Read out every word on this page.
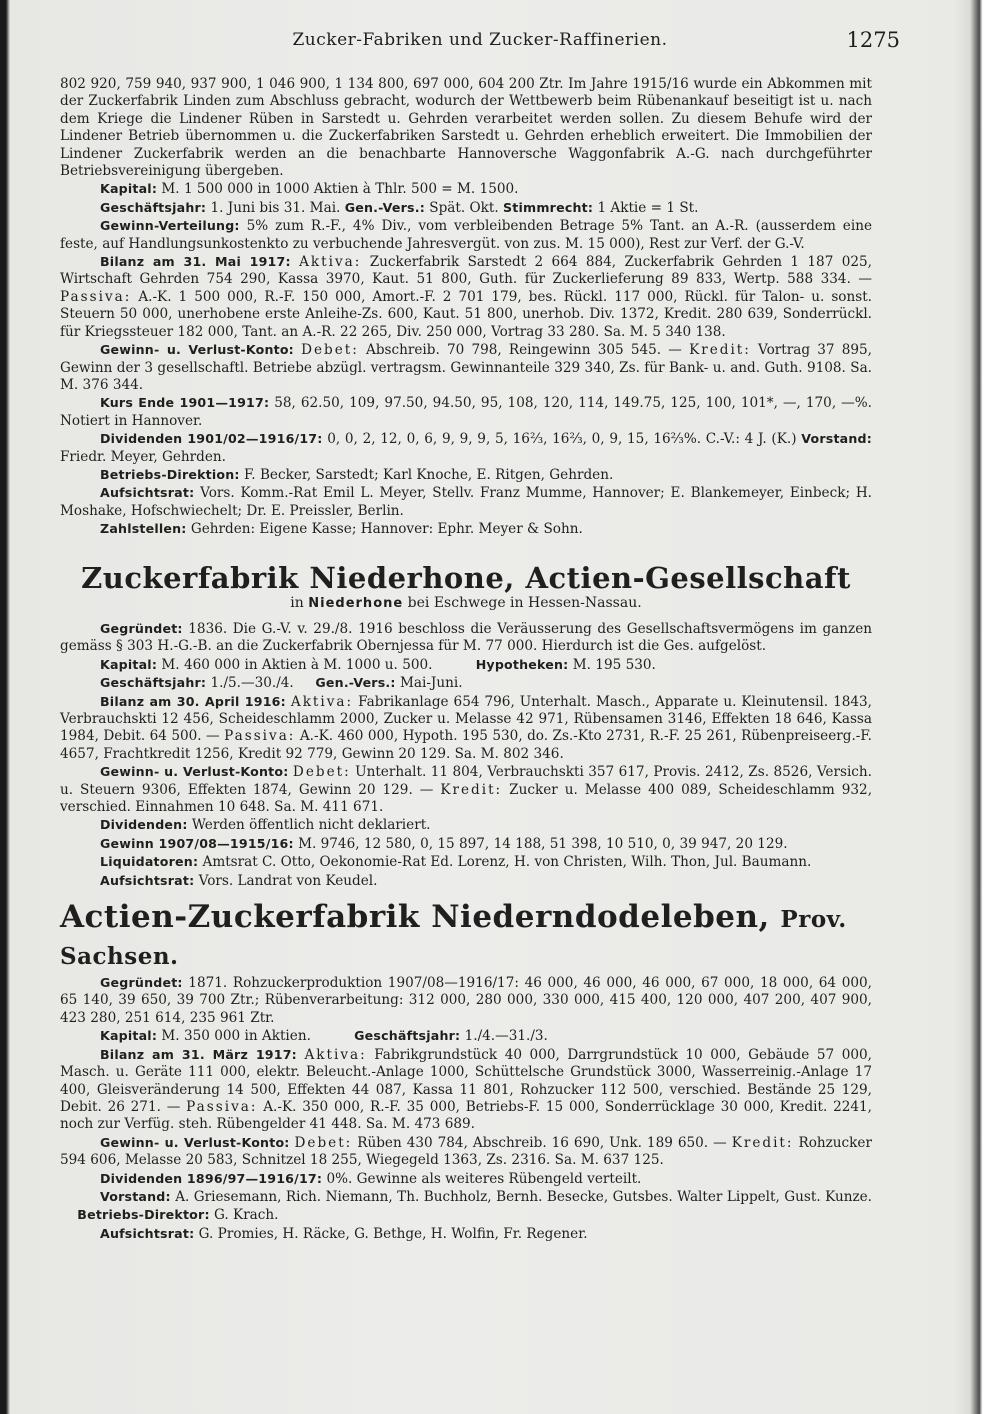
Zucker-Fabriken und Zucker-Raffinerien.	1275

802 920, 759 940, 937 900, 1 046 900, 1 134 800, 697 000, 604 200 Ztr. Im Jahre 1915/16 wurde ein Abkommen mit der Zuckerfabrik Linden zum Abschluss gebracht, wodurch der Wettbewerb beim Rübenankauf beseitigt ist u. nach dem Kriege die Lindener Rüben in Sarstedt u. Gehrden verarbeitet werden sollen. Zu diesem Behufe wird der Lindener Betrieb übernommen u. die Zuckerfabriken Sarstedt u. Gehrden erheblich erweitert. Die Immobilien der Lindener Zuckerfabrik werden an die benachbarte Hannoversche Waggonfabrik A.-G. nach durchgeführter Betriebsvereinigung übergeben.

Kapital: M. 1 500 000 in 1000 Aktien à Thlr. 500 = M. 1500.

Geschäftsjahr: 1. Juni bis 31. Mai. Gen.-Vers.: Spät. Okt. Stimmrecht: 1 Aktie = 1 St.

Gewinn-Verteilung: 5% zum R.-F., 4% Div., vom verbleibenden Betrage 5% Tant. an A.-R. (ausserdem eine feste, auf Handlungsunkostenkto zu verbuchende Jahresvergüt. von zus. M. 15 000), Rest zur Verf. der G.-V.

Bilanz am 31. Mai 1917: Aktiva: Zuckerfabrik Sarstedt 2 664 884, Zuckerfabrik Gehrden 1 187 025, Wirtschaft Gehrden 754 290, Kassa 3970, Kaut. 51 800, Guth. für Zuckerlieferung 89 833, Wertp. 588 334. — Passiva: A.-K. 1 500 000, R.-F. 150 000, Amort.-F. 2 701 179, bes. Rückl. 117 000, Rückl. für Talon- u. sonst. Steuern 50 000, unerhobene erste Anleihe-Zs. 600, Kaut. 51 800, unerhob. Div. 1372, Kredit. 280 639, Sonderrückl. für Kriegssteuer 182 000, Tant. an A.-R. 22 265, Div. 250 000, Vortrag 33 280. Sa. M. 5 340 138.

Gewinn- u. Verlust-Konto: Debet: Abschreib. 70 798, Reingewinn 305 545. — Kredit: Vortrag 37 895, Gewinn der 3 gesellschaftl. Betriebe abzügl. vertragsm. Gewinnanteile 329 340, Zs. für Bank- u. and. Guth. 9108. Sa. M. 376 344.

Kurs Ende 1901—1917: 58, 62.50, 109, 97.50, 94.50, 95, 108, 120, 114, 149.75, 125, 100, 101*, —, 170, —%. Notiert in Hannover.

Dividenden 1901/02—1916/17: 0, 0, 2, 12, 0, 6, 9, 9, 9, 5, 16⅔, 16⅔, 0, 9, 15, 16⅔%. C.-V.: 4 J. (K.) Vorstand: Friedr. Meyer, Gehrden.

Betriebs-Direktion: F. Becker, Sarstedt; Karl Knoche, E. Ritgen, Gehrden.

Aufsichtsrat: Vors. Komm.-Rat Emil L. Meyer, Stellv. Franz Mumme, Hannover; E. Blankemeyer, Einbeck; H. Moshake, Hofschwiechelt; Dr. E. Preissler, Berlin.

Zahlstellen: Gehrden: Eigene Kasse; Hannover: Ephr. Meyer & Sohn.

Zuckerfabrik Niederhone, Actien-Gesellschaft

in Niederhone bei Eschwege in Hessen-Nassau.

Gegründet: 1836. Die G.-V. v. 29./8. 1916 beschloss die Veräusserung des Gesellschaftsvermögens im ganzen gemäss § 303 H.-G.-B. an die Zuckerfabrik Obernjessa für M. 77 000. Hierdurch ist die Ges. aufgelöst.

Kapital: M. 460 000 in Aktien à M. 1000 u. 500.	Hypotheken: M. 195 530.

Geschäftsjahr: 1./5.—30./4. Gen.-Vers.: Mai-Juni.

Bilanz am 30. April 1916: Aktiva: Fabrikanlage 654 796, Unterhalt. Masch., Apparate u. Kleinutensil. 1843, Verbrauchskti 12 456, Scheideschlamm 2000, Zucker u. Melasse 42 971, Rübensamen 3146, Effekten 18 646, Kassa 1984, Debit. 64 500. — Passiva: A.-K. 460 000, Hypoth. 195 530, do. Zs.-Kto 2731, R.-F. 25 261, Rübenpreiseerg.-F. 4657, Frachtkredit 1256, Kredit 92 779, Gewinn 20 129. Sa. M. 802 346.

Gewinn- u. Verlust-Konto: Debet: Unterhalt. 11 804, Verbrauchskti 357 617, Provis. 2412, Zs. 8526, Versich. u. Steuern 9306, Effekten 1874, Gewinn 20 129. — Kredit: Zucker u. Melasse 400 089, Scheideschlamm 932, verschied. Einnahmen 10 648. Sa. M. 411 671.

Dividenden: Werden öffentlich nicht deklariert.

Gewinn 1907/08—1915/16: M. 9746, 12 580, 0, 15 897, 14 188, 51 398, 10 510, 0, 39 947, 20 129.

Liquidatoren: Amtsrat C. Otto, Oekonomie-Rat Ed. Lorenz, H. von Christen, Wilh. Thon, Jul. Baumann.

Aufsichtsrat: Vors. Landrat von Keudel.

Actien-Zuckerfabrik Niederndodeleben, Prov. Sachsen.

Gegründet: 1871. Rohzuckerproduktion 1907/08—1916/17: 46 000, 46 000, 46 000, 67 000, 18 000, 64 000, 65 140, 39 650, 39 700 Ztr.; Rübenverarbeitung: 312 000, 280 000, 330 000, 415 400, 120 000, 407 200, 407 900, 423 280, 251 614, 235 961 Ztr.

Kapital: M. 350 000 in Aktien.	Geschäftsjahr: 1./4.—31./3.

Bilanz am 31. März 1917: Aktiva: Fabrikgrundstück 40 000, Darrgrundstück 10 000, Gebäude 57 000, Masch. u. Geräte 111 000, elektr. Beleucht.-Anlage 1000, Schüttelsche Grundstück 3000, Wasserreinig.-Anlage 17 400, Gleisveränderung 14 500, Effekten 44 087, Kassa 11 801, Rohzucker 112 500, verschied. Bestände 25 129, Debit. 26 271. — Passiva: A.-K. 350 000, R.-F. 35 000, Betriebs-F. 15 000, Sonderrücklage 30 000, Kredit. 2241, noch zur Verfüg. steh. Rübengelder 41 448. Sa. M. 473 689.

Gewinn- u. Verlust-Konto: Debet: Rüben 430 784, Abschreib. 16 690, Unk. 189 650. — Kredit: Rohzucker 594 606, Melasse 20 583, Schnitzel 18 255, Wiegegeld 1363, Zs. 2316. Sa. M. 637 125.

Dividenden 1896/97—1916/17: 0%. Gewinne als weiteres Rübengeld verteilt.

Vorstand: A. Griesemann, Rich. Niemann, Th. Buchholz, Bernh. Besecke, Gutsbes. Walter Lippelt, Gust. Kunze.     Betriebs-Direktor: G. Krach.

Aufsichtsrat: G. Promies, H. Räcke, G. Bethge, H. Wolfin, Fr. Regener.
